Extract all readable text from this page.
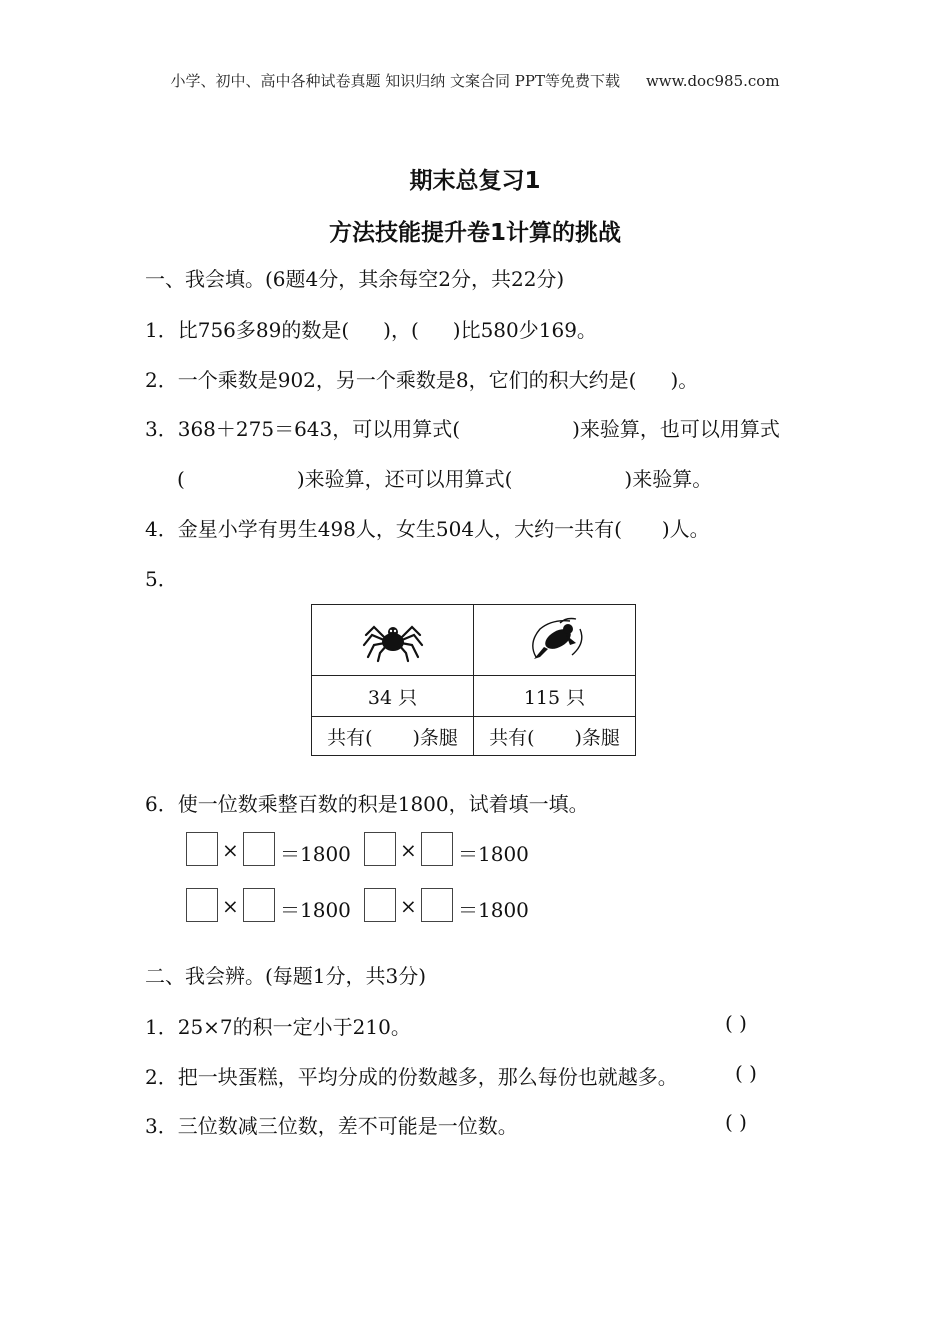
小学、初中、高中各种试卷真题 知识归纳 文案合同 PPT等免费下载 www.doc985.com
期末总复习1
方法技能提升卷1计算的挑战
一、我会填。(6题4分，其余每空2分，共22分)
1．比756多89的数是( )，( )比580少169。
2．一个乘数是902，另一个乘数是8，它们的积大约是( )。
3．368＋275＝643，可以用算式(	)来验算，也可以用算式
(	)来验算，还可以用算式(	)来验算。
4．金星小学有男生498人，女生504人，大约一共有( )人。
5．

34 只	115 只
共有( )条腿	共有( )条腿
6．使一位数乘整百数的积是1800，试着填一填。
× ＝1800 × ＝1800
× ＝1800 × ＝1800
二、我会辨。(每题1分，共3分)
1．25×7的积一定小于210。	( )
2．把一块蛋糕，平均分成的份数越多，那么每份也就越多。	( )
3．三位数减三位数，差不可能是一位数。	( )
